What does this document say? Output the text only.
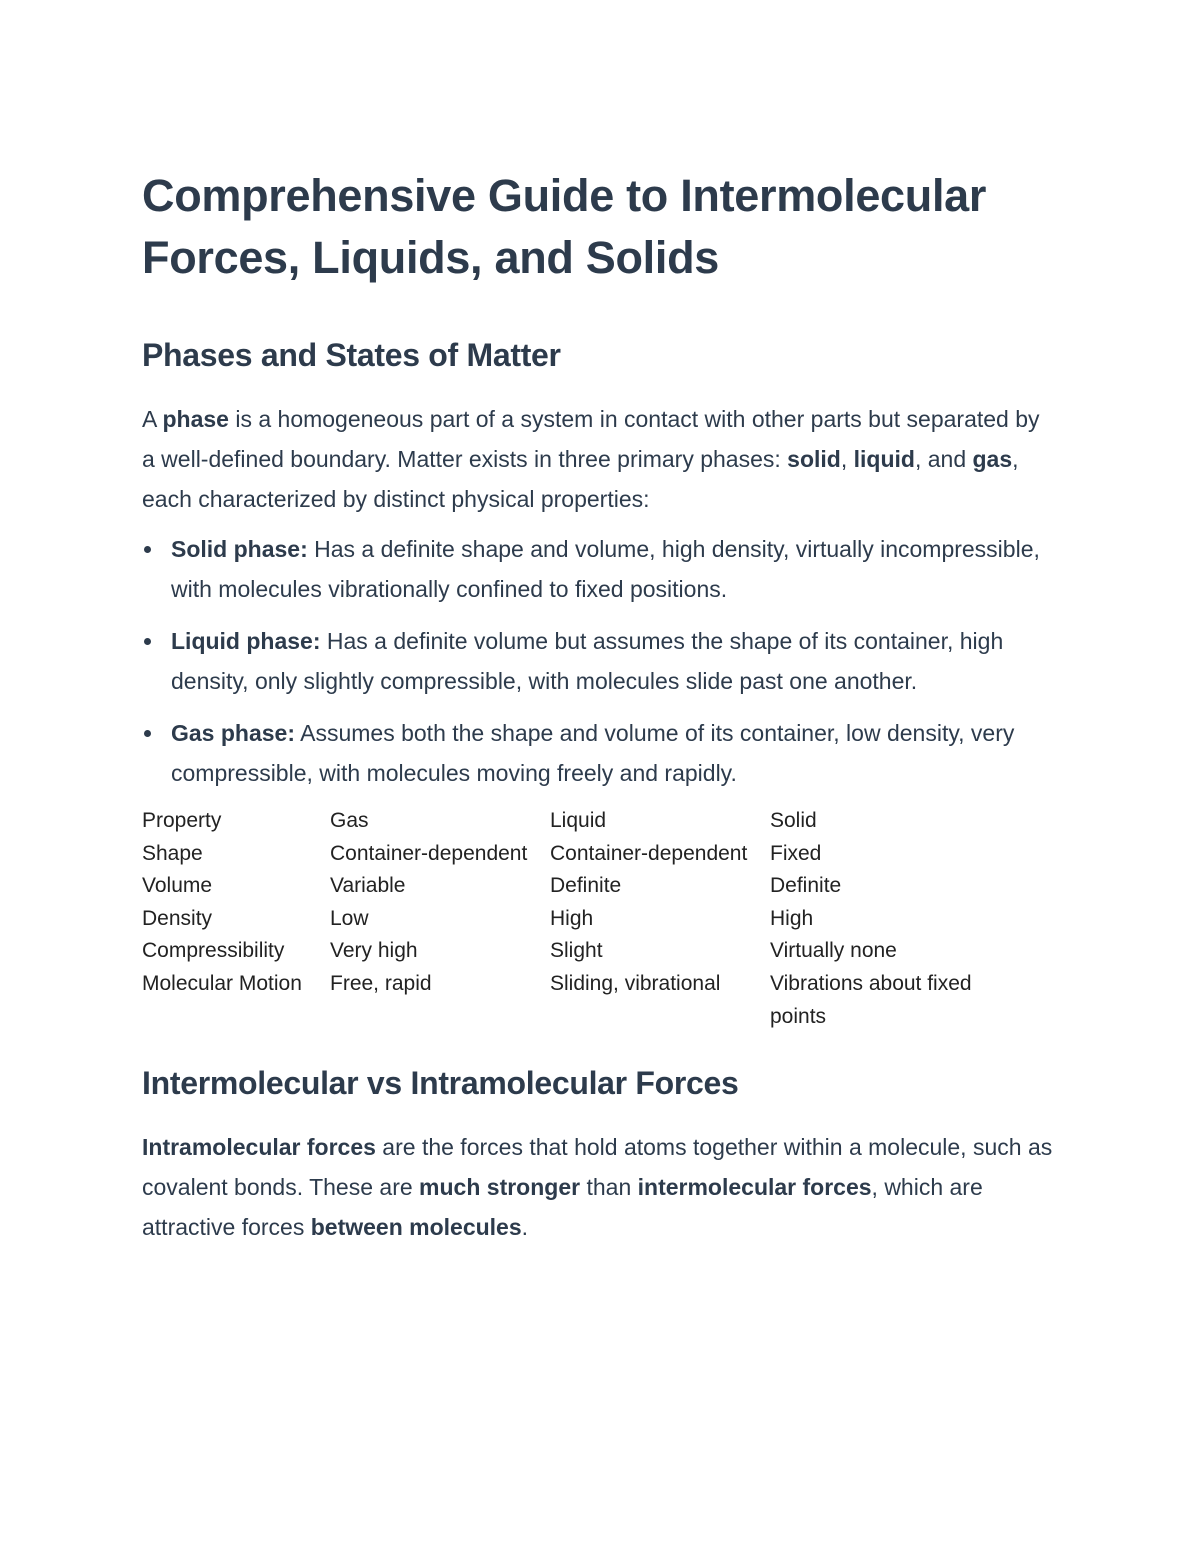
Comprehensive Guide to Intermolecular Forces, Liquids, and Solids
Phases and States of Matter

A phase is a homogeneous part of a system in contact with other parts but separated by a well-defined boundary. Matter exists in three primary phases: solid, liquid, and gas, each characterized by distinct physical properties:

Solid phase: Has a definite shape and volume, high density, virtually incompressible, with molecules vibrationally confined to fixed positions.
Liquid phase: Has a definite volume but assumes the shape of its container, high density, only slightly compressible, with molecules slide past one another.
Gas phase: Assumes both the shape and volume of its container, low density, very compressible, with molecules moving freely and rapidly.
Property	Gas	Liquid	Solid
Shape	Container-dependent	Container-dependent	Fixed
Volume	Variable	Definite	Definite
Density	Low	High	High
Compressibility	Very high	Slight	Virtually none
Molecular Motion	Free, rapid	Sliding, vibrational	Vibrations about fixed points
Intermolecular vs Intramolecular Forces

Intramolecular forces are the forces that hold atoms together within a molecule, such as covalent bonds. These are much stronger than intermolecular forces, which are attractive forces between molecules.
